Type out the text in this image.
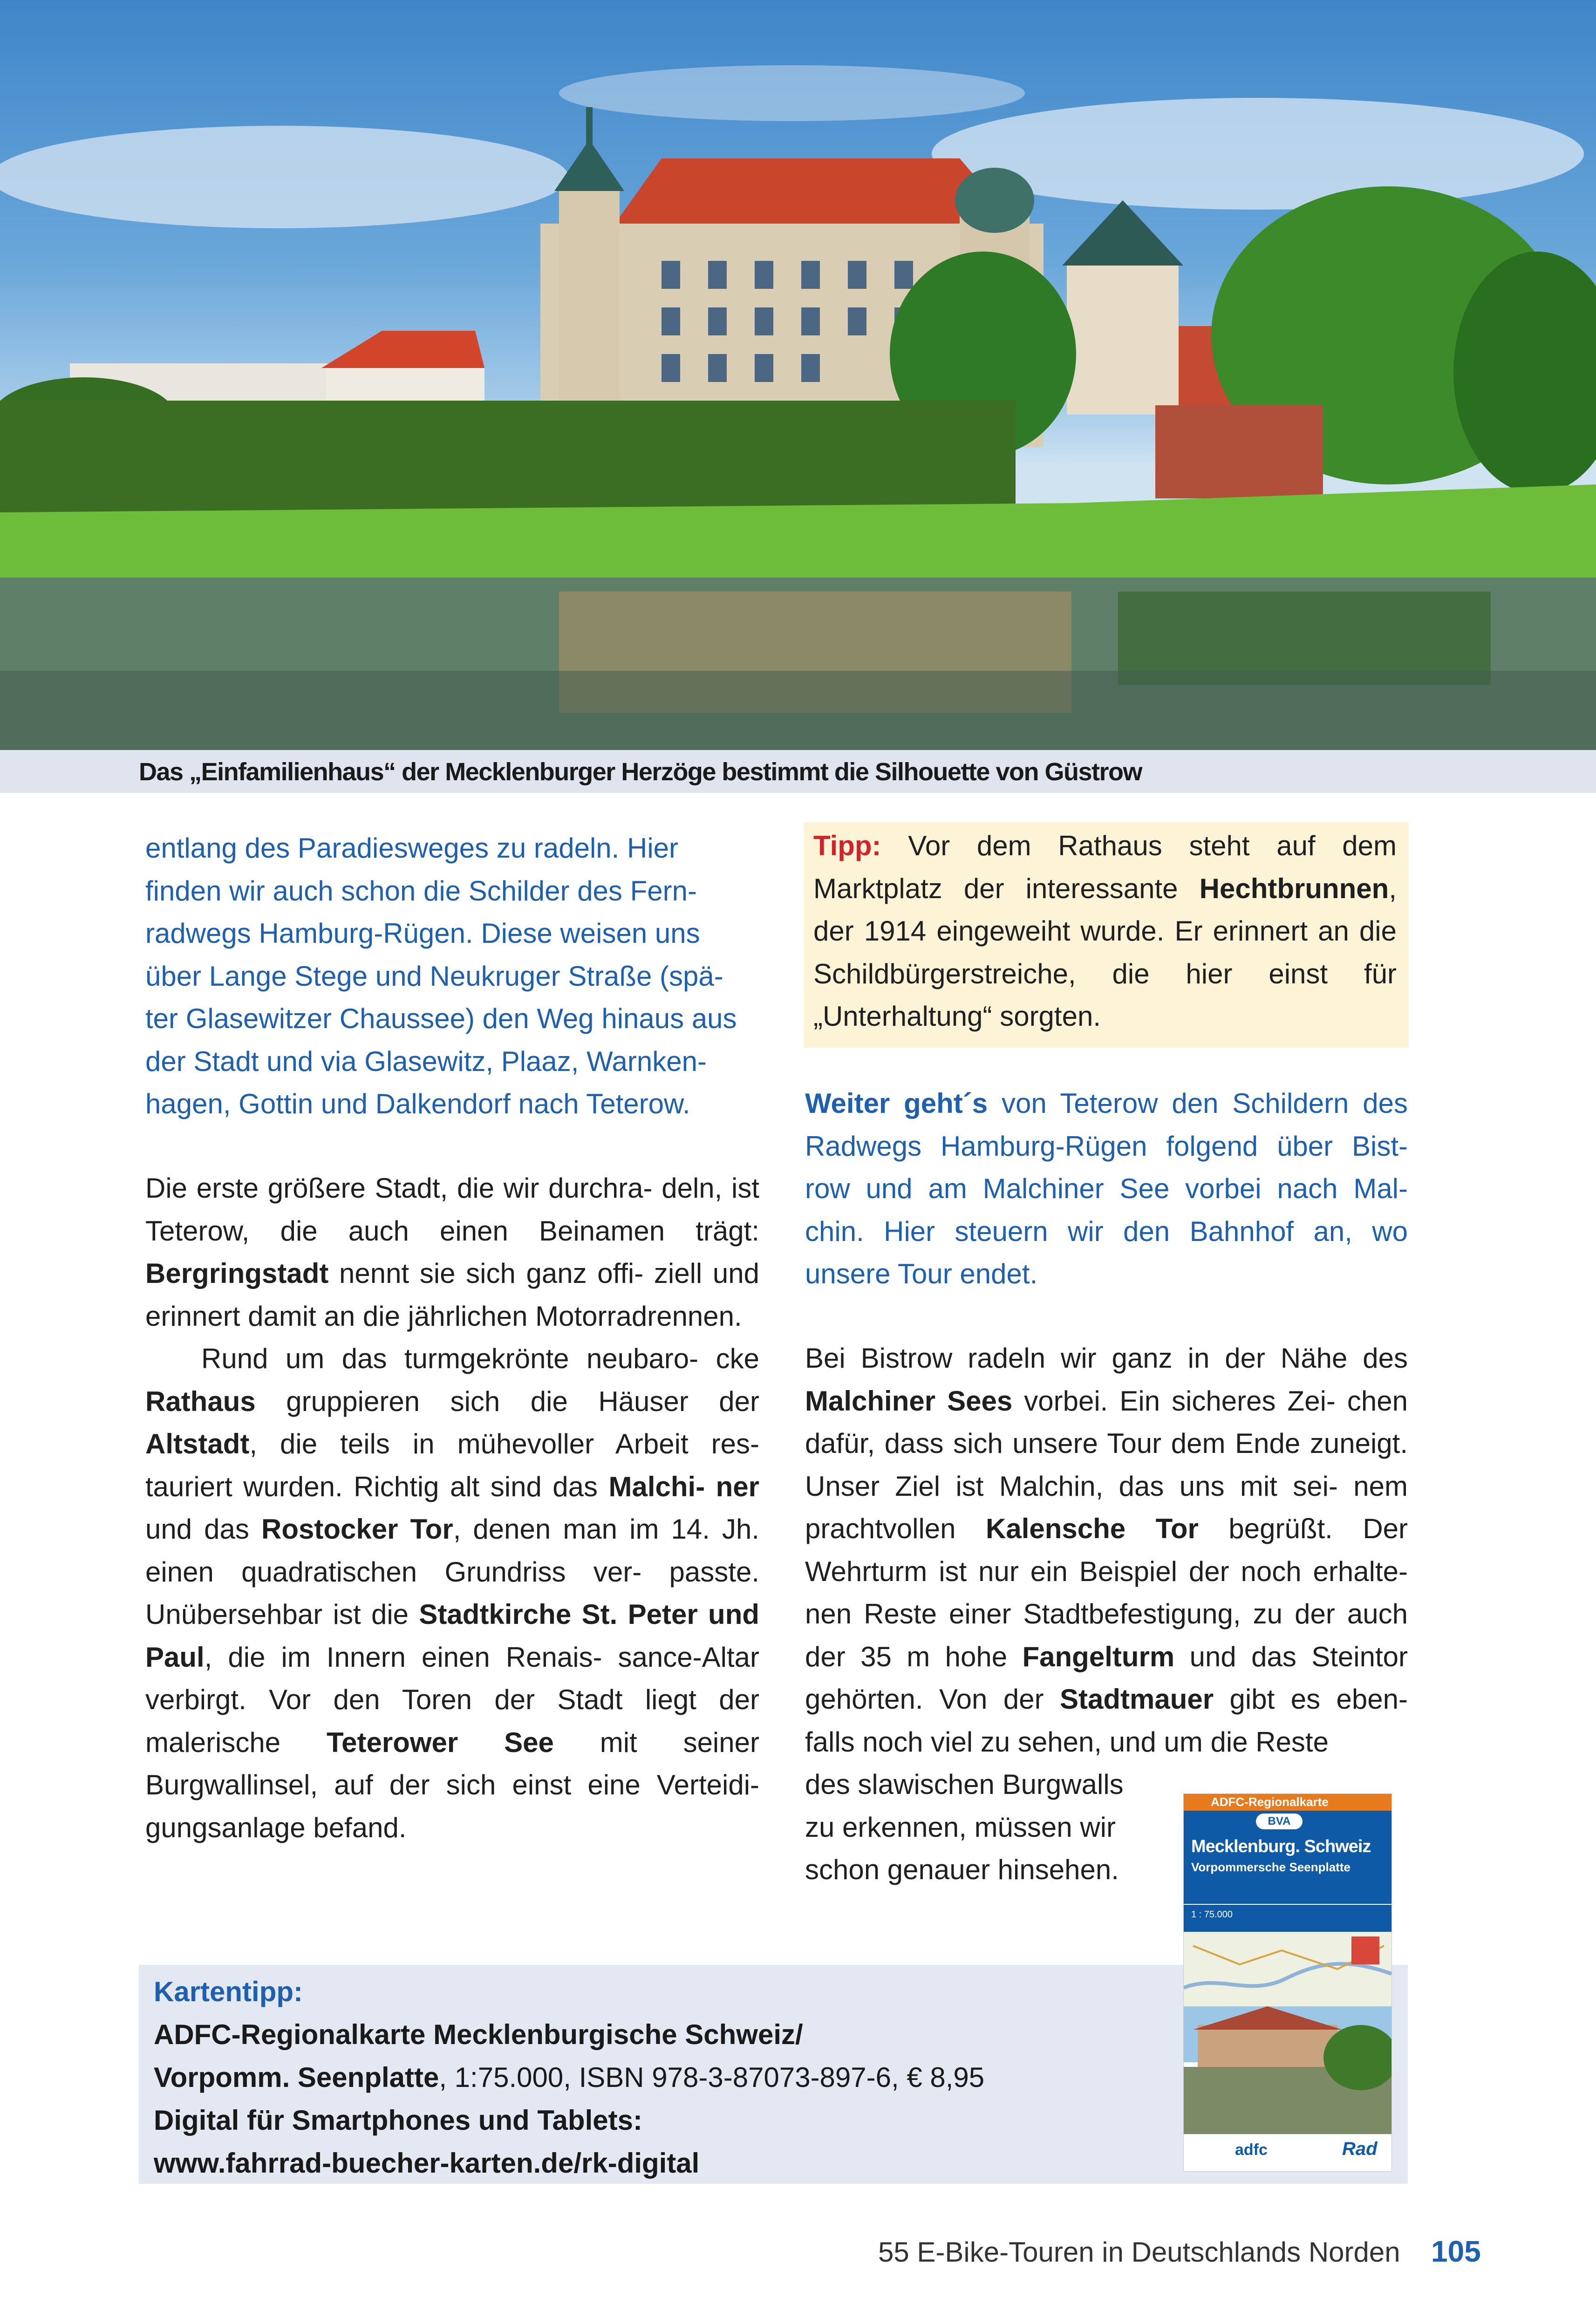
Das „Einfamilienhaus“ der Mecklenburger Herzöge bestimmt die Silhouette von Güstrow

entlang des Paradiesweges zu radeln. Hier
finden wir auch schon die Schilder des Fern-
radwegs Hamburg-Rügen. Diese weisen uns
über Lange Stege und Neukruger Straße (spä-
ter Glasewitzer Chaussee) den Weg hinaus aus
der Stadt und via Glasewitz, Plaaz, Warnken-
hagen, Gottin und Dalkendorf nach Teterow.

Die erste größere Stadt, die wir durchra- deln, ist Teterow, die auch einen Beinamen trägt: Bergringstadt nennt sie sich ganz offi- ziell und erinnert damit an die jährlichen Motorradrennen.

Rund um das turmgekrönte neubaro- cke Rathaus gruppieren sich die Häuser der Altstadt, die teils in mühevoller Arbeit res- tauriert wurden. Richtig alt sind das Malchi- ner und das Rostocker Tor, denen man im 14. Jh. einen quadratischen Grundriss ver- passte. Unübersehbar ist die Stadtkirche St. Peter und Paul, die im Innern einen Renais- sance-Altar verbirgt. Vor den Toren der Stadt liegt der malerische Teterower See mit seiner Burgwallinsel, auf der sich einst eine Verteidi- gungsanlage befand.

Tipp: Vor dem Rathaus steht auf dem Marktplatz der interessante Hechtbrunnen, der 1914 eingeweiht wurde. Er erinnert an die Schildbürgerstreiche, die hier einst für „Unterhaltung“ sorgten.

Weiter geht´s von Teterow den Schildern des Radwegs Hamburg-Rügen folgend über Bist- row und am Malchiner See vorbei nach Mal- chin. Hier steuern wir den Bahnhof an, wo unsere Tour endet.

Bei Bistrow radeln wir ganz in der Nähe des Malchiner Sees vorbei. Ein sicheres Zei- chen dafür, dass sich unsere Tour dem Ende zuneigt. Unser Ziel ist Malchin, das uns mit sei- nem prachtvollen Kalensche Tor begrüßt. Der Wehrturm ist nur ein Beispiel der noch erhalte- nen Reste einer Stadtbefestigung, zu der auch der 35 m hohe Fangelturm und das Steintor gehörten. Von der Stadtmauer gibt es eben- falls noch viel zu sehen, und um die Reste

des slawischen Burgwalls
zu erkennen, müssen wir
schon genauer hinsehen.
Kartentipp:
ADFC-Regionalkarte Mecklenburgische Schweiz/
Vorpomm. Seenplatte, 1:75.000, ISBN 978-3-87073-897-6, € 8,95
Digital für Smartphones und Tablets:
www.fahrrad-buecher-karten.de/rk-digital
ADFC-Regionalkarte
BVA
Mecklenburg. Schweiz
Vorpommersche Seenplatte
1 : 75.000
adfc	Rad
55 E-Bike-Touren in Deutschlands Norden 105
